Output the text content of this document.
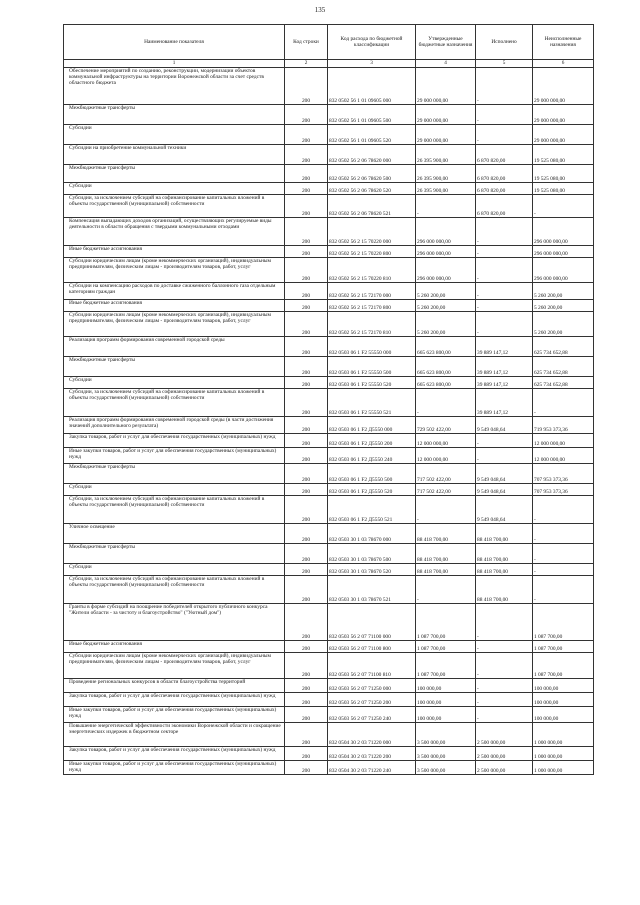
135
Наименование показателя	Код строки	Код расхода по бюджетной классификации	Утвержденные бюджетные назначения	Исполнено	Неисполненные назначения
1	2	3	4	5	6

Обеспечение мероприятий по созданию, реконструкции, модернизации объектов коммунальной инфраструктуры на территории Воронежской области за счет средств областного бюджета	200	832 0502 56 1 01 09605 000	29 000 000,00	-	29 000 000,00

Межбюджетные трансферты	200	832 0502 56 1 01 09605 500	29 000 000,00	-	29 000 000,00

Субсидии	200	832 0502 56 1 01 09605 520	29 000 000,00	-	29 000 000,00

Субсидии на приобретение коммунальной техники	200	832 0502 56 2 06 78620 000	26 395 900,00	6 870 820,00	19 525 080,00

Межбюджетные трансферты	200	832 0502 56 2 06 78620 500	26 395 900,00	6 870 820,00	19 525 080,00

Субсидии	200	832 0502 56 2 06 78620 520	26 395 900,00	6 870 820,00	19 525 080,00

Субсидии, за исключением субсидий на софинансирование капитальных вложений в объекты государственной (муниципальной) собственности	200	832 0502 56 2 06 78620 521	-	6 870 820,00	-

Компенсация выпадающих доходов организаций, осуществляющих регулируемые виды деятельности в области обращения с твердыми коммунальными отходами	200	832 0502 56 2 15 70220 000	296 000 000,00	-	296 000 000,00

Иные бюджетные ассигнования	200	832 0502 56 2 15 70220 800	296 000 000,00	-	296 000 000,00

Субсидии юридическим лицам (кроме некоммерческих организаций), индивидуальным предпринимателям, физическим лицам - производителям товаров, работ, услуг	200	832 0502 56 2 15 70220 810	296 000 000,00	-	296 000 000,00

Субсидии на компенсацию расходов по доставке сжиженного баллонного газа отдельным категориям граждан	200	832 0502 56 2 15 72170 000	5 260 200,00	-	5 260 200,00

Иные бюджетные ассигнования	200	832 0502 56 2 15 72170 800	5 260 200,00	-	5 260 200,00

Субсидии юридическим лицам (кроме некоммерческих организаций), индивидуальным предпринимателям, физическим лицам - производителям товаров, работ, услуг	200	832 0502 56 2 15 72170 810	5 260 200,00	-	5 260 200,00

Реализация программ формирования современной городской среды	200	832 0503 06 1 F2 55550 000	665 623 800,00	39 889 147,12	625 734 652,88

Межбюджетные трансферты	200	832 0503 06 1 F2 55550 500	665 623 800,00	39 889 147,12	625 734 652,88

Субсидии	200	832 0503 06 1 F2 55550 520	665 623 800,00	39 889 147,12	625 734 652,88

Субсидии, за исключением субсидий на софинансирование капитальных вложений в объекты государственной (муниципальной) собственности	200	832 0503 06 1 F2 55550 521	-	39 889 147,12	-

Реализация программ формирования современной городской среды (в части достижения значений дополнительного результата)	200	832 0503 06 1 F2 Д5550 000	729 502 422,00	9 549 048,64	719 953 373,36

Закупка товаров, работ и услуг для обеспечения государственных (муниципальных) нужд	200	832 0503 06 1 F2 Д5550 200	12 000 000,00	-	12 000 000,00

Иные закупки товаров, работ и услуг для обеспечения государственных (муниципальных) нужд	200	832 0503 06 1 F2 Д5550 240	12 000 000,00	-	12 000 000,00

Межбюджетные трансферты	200	832 0503 06 1 F2 Д5550 500	717 502 422,00	9 549 048,64	707 953 373,36

Субсидии	200	832 0503 06 1 F2 Д5550 520	717 502 422,00	9 549 048,64	707 953 373,36

Субсидии, за исключением субсидий на софинансирование капитальных вложений в объекты государственной (муниципальной) собственности	200	832 0503 06 1 F2 Д5550 521	-	9 549 048,64	-

Уличное освещение	200	832 0503 30 1 03 78670 000	88 418 700,00	88 418 700,00	-

Межбюджетные трансферты	200	832 0503 30 1 03 78670 500	88 418 700,00	88 418 700,00	-

Субсидии	200	832 0503 30 1 03 78670 520	88 418 700,00	88 418 700,00	-

Субсидии, за исключением субсидий на софинансирование капитальных вложений в объекты государственной (муниципальной) собственности	200	832 0503 30 1 03 78670 521	-	88 418 700,00	-

Гранты в форме субсидий на поощрение победителей открытого публичного конкурса "Жители области - за чистоту и благоустройство" ("Уютный дом")	200	832 0503 56 2 07 71100 000	1 087 700,00	-	1 087 700,00

Иные бюджетные ассигнования	200	832 0503 56 2 07 71100 800	1 087 700,00	-	1 087 700,00

Субсидии юридическим лицам (кроме некоммерческих организаций), индивидуальным предпринимателям, физическим лицам - производителям товаров, работ, услуг	200	832 0503 56 2 07 71100 810	1 087 700,00	-	1 087 700,00

Проведение региональных конкурсов в области благоустройства территорий	200	832 0503 56 2 07 71250 000	100 000,00	-	100 000,00

Закупка товаров, работ и услуг для обеспечения государственных (муниципальных) нужд	200	832 0503 56 2 07 71250 200	100 000,00	-	100 000,00

Иные закупки товаров, работ и услуг для обеспечения государственных (муниципальных) нужд	200	832 0503 56 2 07 71250 240	100 000,00	-	100 000,00

Повышение энергетической эффективности экономики Воронежской области и сокращение энергетических издержек в бюджетном секторе	200	832 0504 30 2 03 71220 000	3 500 000,00	2 500 000,00	1 000 000,00

Закупка товаров, работ и услуг для обеспечения государственных (муниципальных) нужд	200	832 0504 30 2 03 71220 200	3 500 000,00	2 500 000,00	1 000 000,00

Иные закупки товаров, работ и услуг для обеспечения государственных (муниципальных) нужд	200	832 0504 30 2 03 71220 240	3 500 000,00	2 500 000,00	1 000 000,00
